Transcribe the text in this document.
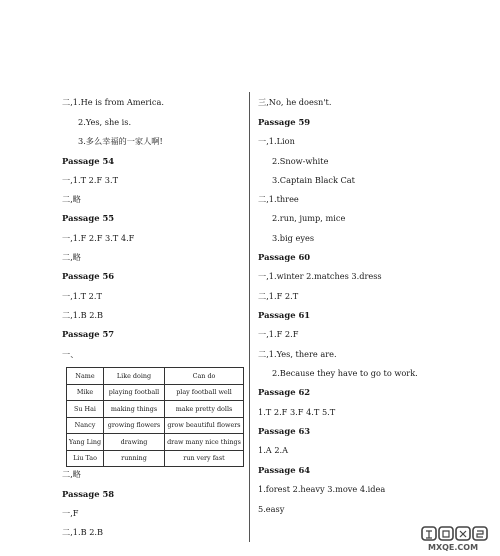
二,1.He is from America.
2.Yes, she is.
3.多么幸福的一家人啊!
Passage 54
一,1.T 2.F 3.T
二,略
Passage 55
一,1.F 2.F 3.T 4.F
二,略
Passage 56
一,1.T 2.T
二,1.B 2.B
Passage 57
一、
Name	Like doing	Can do
Mike	playing football	play football well
Su Hai	making things	make pretty dolls
Nancy	growing flowers	grow beautiful flowers
Yang Ling	drawing	draw many nice things
Liu Tao	running	run very fast
二,略
Passage 58
一,F
二,1.B 2.B
三,No, he doesn't.
Passage 59
一,1.Lion
2.Snow-white
3.Captain Black Cat
二,1.three
2.run, jump, mice
3.big eyes
Passage 60
一,1.winter 2.matches 3.dress
二,1.F 2.T
Passage 61
一,1.F 2.F
二,1.Yes, there are.
2.Because they have to go to work.
Passage 62
1.T 2.F 3.F 4.T 5.T
Passage 63
1.A 2.A
Passage 64
1.forest 2.heavy 3.move 4.idea
5.easy
MXQE.COM
